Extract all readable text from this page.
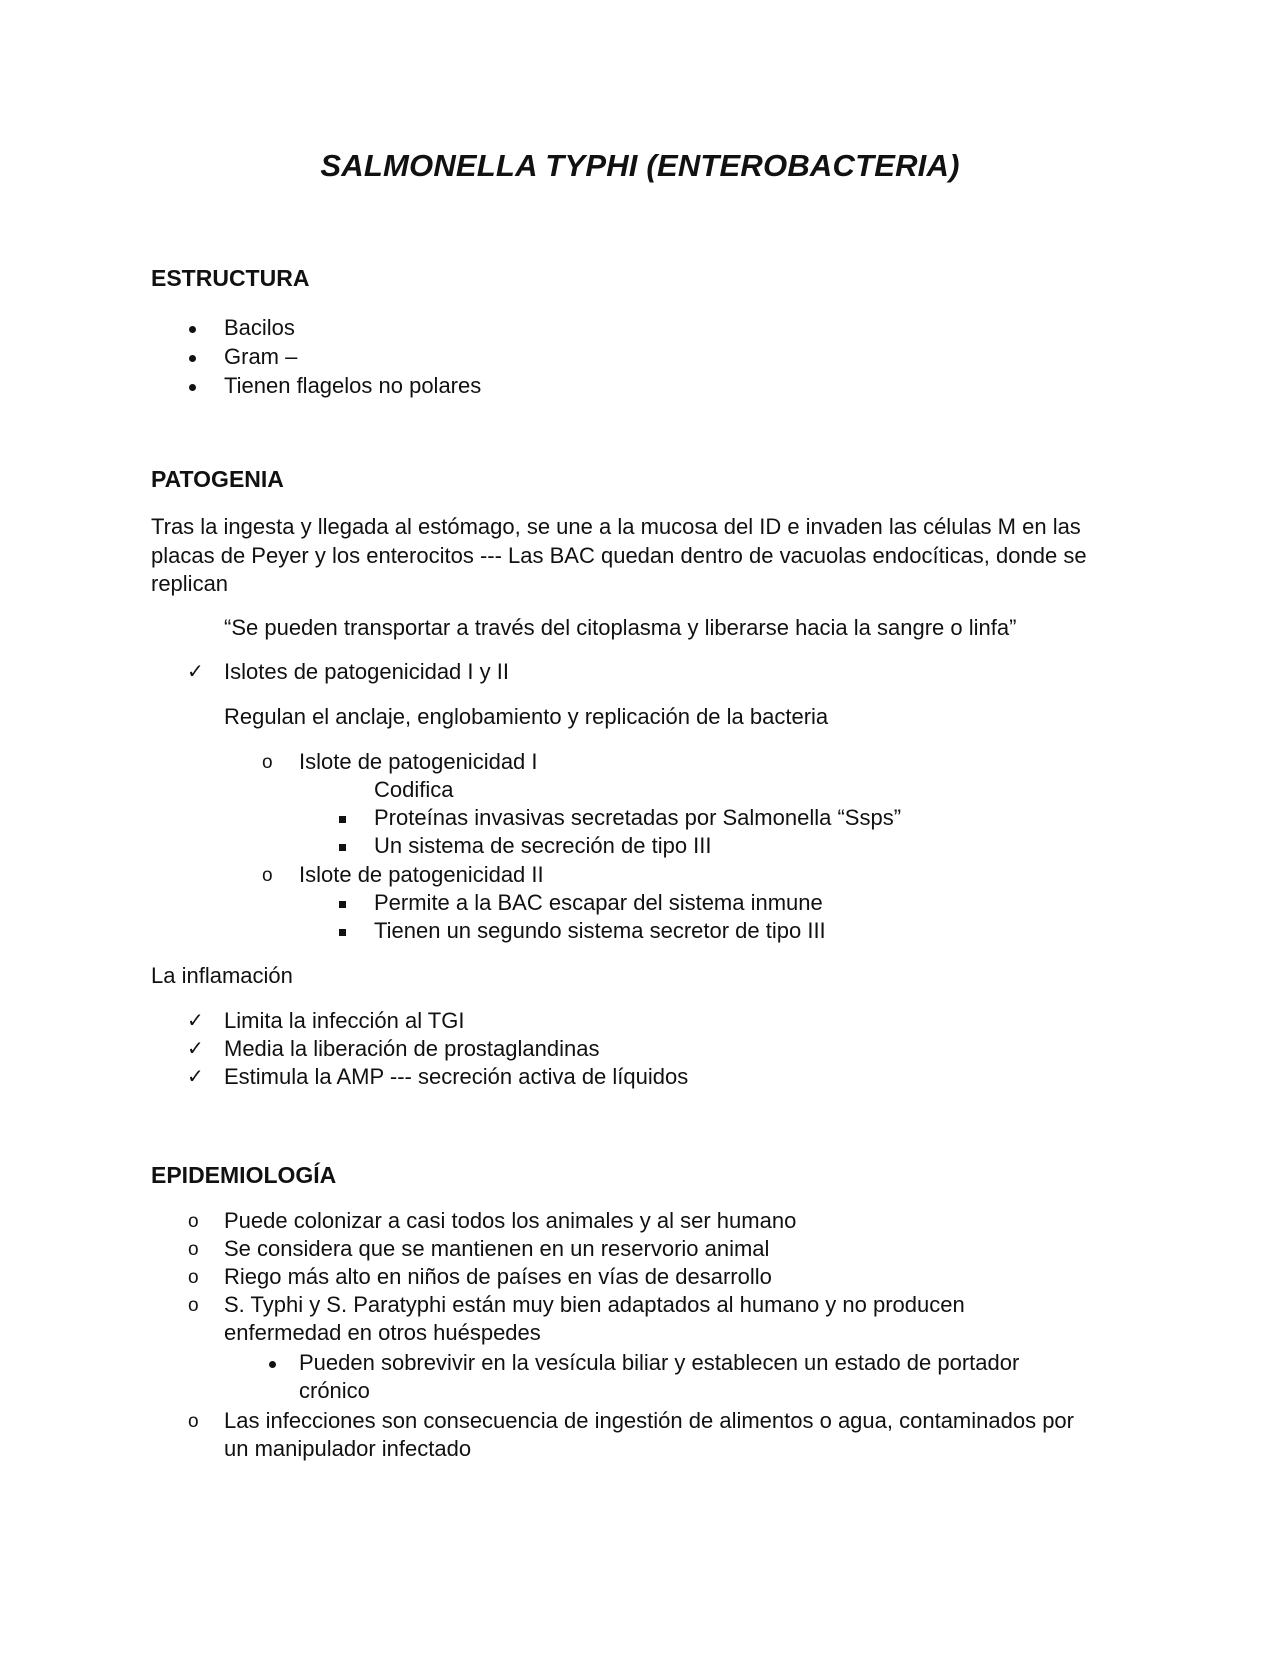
SALMONELLA TYPHI (ENTEROBACTERIA)
ESTRUCTURA
Bacilos
Gram –
Tienen flagelos no polares
PATOGENIA
Tras la ingesta y llegada al estómago, se une a la mucosa del ID e invaden las células M en las placas de Peyer y los enterocitos --- Las BAC quedan dentro de vacuolas endocíticas, donde se replican
“Se pueden transportar a través del citoplasma y liberarse hacia la sangre o linfa”
✓ Islotes de patogenicidad I y II
Regulan el anclaje, englobamiento y replicación de la bacteria
o Islote de patogenicidad I
Codifica
Proteínas invasivas secretadas por Salmonella “Ssps”
Un sistema de secreción de tipo III
o Islote de patogenicidad II
Permite a la BAC escapar del sistema inmune
Tienen un segundo sistema secretor de tipo III
La inflamación
✓ Limita la infección al TGI
✓ Media la liberación de prostaglandinas
✓ Estimula la AMP --- secreción activa de líquidos
EPIDEMIOLOGÍA
o Puede colonizar a casi todos los animales y al ser humano
o Se considera que se mantienen en un reservorio animal
o Riego más alto en niños de países en vías de desarrollo
o S. Typhi y S. Paratyphi están muy bien adaptados al humano y no producen
enfermedad en otros huéspedes
Pueden sobrevivir en la vesícula biliar y establecen un estado de portador
crónico
o Las infecciones son consecuencia de ingestión de alimentos o agua, contaminados por
un manipulador infectado
